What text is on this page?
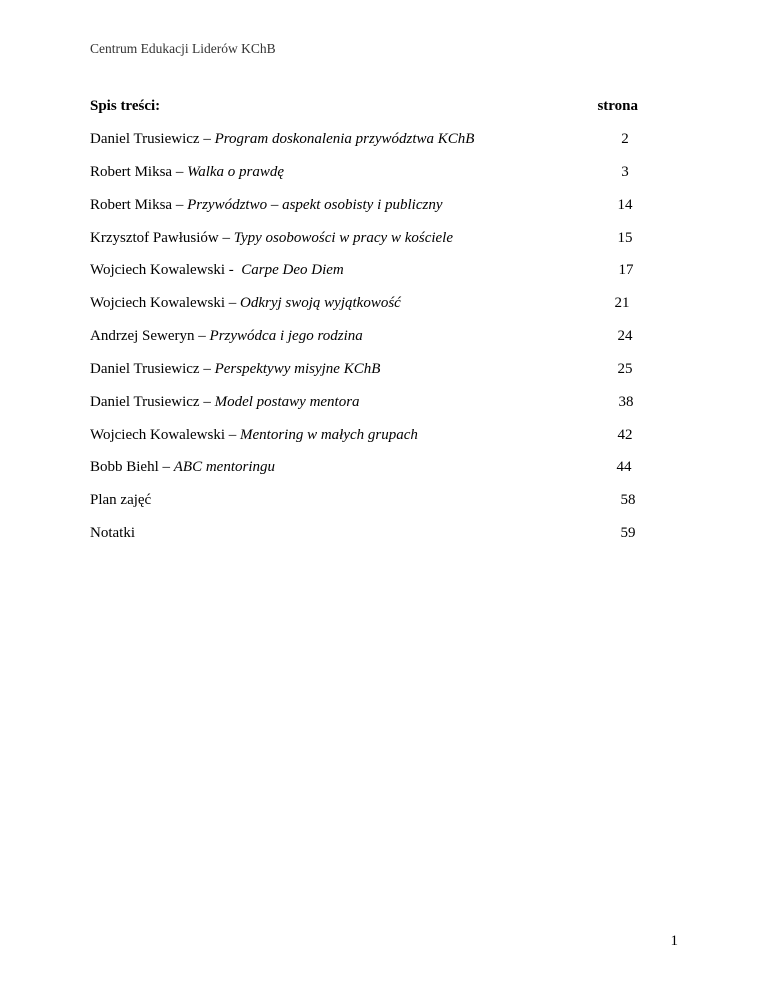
Centrum Edukacji Liderów KChB
Spis treści:	strona
Daniel Trusiewicz – Program doskonalenia przywództwa KChB	2
Robert Miksa – Walka o prawdę	3
Robert Miksa – Przywództwo – aspekt osobisty i publiczny	14
Krzysztof Pawłusiów – Typy osobowości w pracy w kościele	15
Wojciech Kowalewski -  Carpe Deo Diem	17
Wojciech Kowalewski – Odkryj swoją wyjątkowość	21
Andrzej Seweryn – Przywódca i jego rodzina	24
Daniel Trusiewicz – Perspektywy misyjne KChB	25
Daniel Trusiewicz – Model postawy mentora	38
Wojciech Kowalewski – Mentoring w małych grupach	42
Bobb Biehl – ABC mentoringu	44
Plan zajęć	58
Notatki	59
1
